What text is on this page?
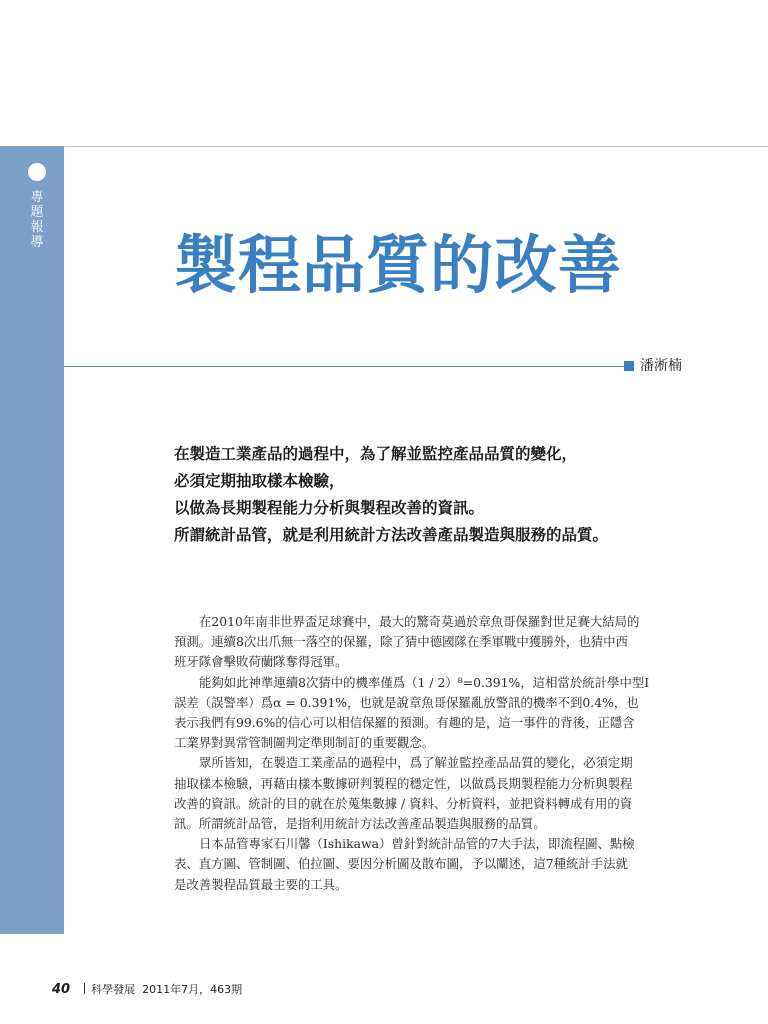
專題報導 製程品質的改善
潘淅楠
在製造工業產品的過程中，為了解並監控產品品質的變化，
必須定期抽取樣本檢驗，
以做為長期製程能力分析與製程改善的資訊。
所謂統計品管，就是利用統計方法改善產品製造與服務的品質。
在2010年南非世界盃足球賽中，最大的驚奇莫過於章魚哥保羅對世足賽大結局的
預測。連續8次出爪無一落空的保羅，除了猜中德國隊在季軍戰中獲勝外，也猜中西
班牙隊會擊敗荷蘭隊奪得冠軍。
能夠如此神準連續8次猜中的機率僅爲（1 / 2）⁸=0.391%，這相當於統計學中型I
誤差（誤警率）爲α = 0.391%，也就是說章魚哥保羅亂放警訊的機率不到0.4%，也
表示我們有99.6%的信心可以相信保羅的預測。有趣的是，這一事件的背後，正隱含
工業界對異常管制圖判定準則制訂的重要觀念。
眾所皆知，在製造工業產品的過程中，爲了解並監控產品品質的變化，必須定期
抽取樣本檢驗，再藉由樣本數據研判製程的穩定性，以做爲長期製程能力分析與製程
改善的資訊。統計的目的就在於蒐集數據 / 資料、分析資料，並把資料轉成有用的資
訊。所謂統計品管，是指利用統計方法改善產品製造與服務的品質。
日本品管專家石川馨（Ishikawa）曾針對統計品管的7大手法，即流程圖、點檢
表、直方圖、管制圖、伯拉圖、要因分析圖及散布圖，予以闡述，這7種統計手法就
是改善製程品質最主要的工具。
40 科學發展 2011年7月，463期
